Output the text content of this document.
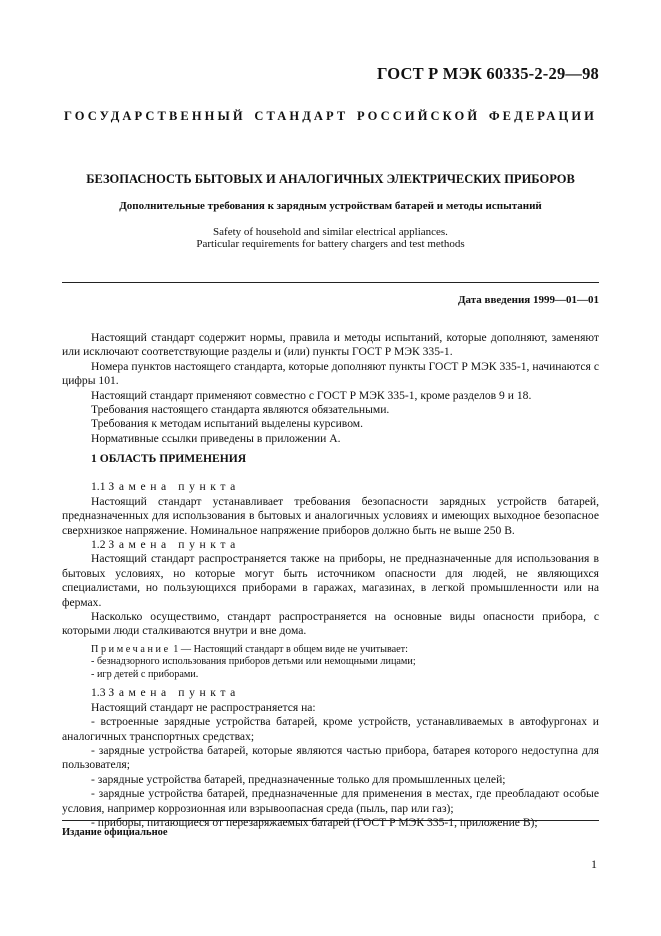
ГОСТ Р МЭК 60335-2-29—98
ГОСУДАРСТВЕННЫЙ СТАНДАРТ РОССИЙСКОЙ ФЕДЕРАЦИИ
БЕЗОПАСНОСТЬ БЫТОВЫХ И АНАЛОГИЧНЫХ ЭЛЕКТРИЧЕСКИХ ПРИБОРОВ
Дополнительные требования к зарядным устройствам батарей и методы испытаний
Safety of household and similar electrical appliances.
Particular requirements for battery chargers and test methods
Дата введения 1999—01—01

Настоящий стандарт содержит нормы, правила и методы испытаний, которые дополняют, заменяют или исключают соответствующие разделы и (или) пункты ГОСТ Р МЭК 335-1.

Номера пунктов настоящего стандарта, которые дополняют пункты ГОСТ Р МЭК 335-1, начинаются с цифры 101.

Настоящий стандарт применяют совместно с ГОСТ Р МЭК 335-1, кроме разделов 9 и 18.

Требования настоящего стандарта являются обязательными.

Требования к методам испытаний выделены курсивом.

Нормативные ссылки приведены в приложении А.

1 ОБЛАСТЬ ПРИМЕНЕНИЯ

1.1 Замена пункта

Настоящий стандарт устанавливает требования безопасности зарядных устройств батарей, предназначенных для использования в бытовых и аналогичных условиях и имеющих выходное безопасное сверхнизкое напряжение. Номинальное напряжение приборов должно быть не выше 250 В.

1.2 Замена пункта

Настоящий стандарт распространяется также на приборы, не предназначенные для использования в бытовых условиях, но которые могут быть источником опасности для людей, не являющихся специалистами, но пользующихся приборами в гаражах, магазинах, в легкой промышленности или на фермах.

Насколько осуществимо, стандарт распространяется на основные виды опасности прибора, с которыми люди сталкиваются внутри и вне дома.

Примечание 1 — Настоящий стандарт в общем виде не учитывает:

- безнадзорного использования приборов детьми или немощными лицами;

- игр детей с приборами.

1.3 Замена пункта

Настоящий стандарт не распространяется на:

- встроенные зарядные устройства батарей, кроме устройств, устанавливаемых в автофургонах и аналогичных транспортных средствах;

- зарядные устройства батарей, которые являются частью прибора, батарея которого недоступна для пользователя;

- зарядные устройства батарей, предназначенные только для промышленных целей;

- зарядные устройства батарей, предназначенные для применения в местах, где преобладают особые условия, например коррозионная или взрывоопасная среда (пыль, пар или газ);

- приборы, питающиеся от перезаряжаемых батарей (ГОСТ Р МЭК 335-1, приложение В);

Издание официальное
1
